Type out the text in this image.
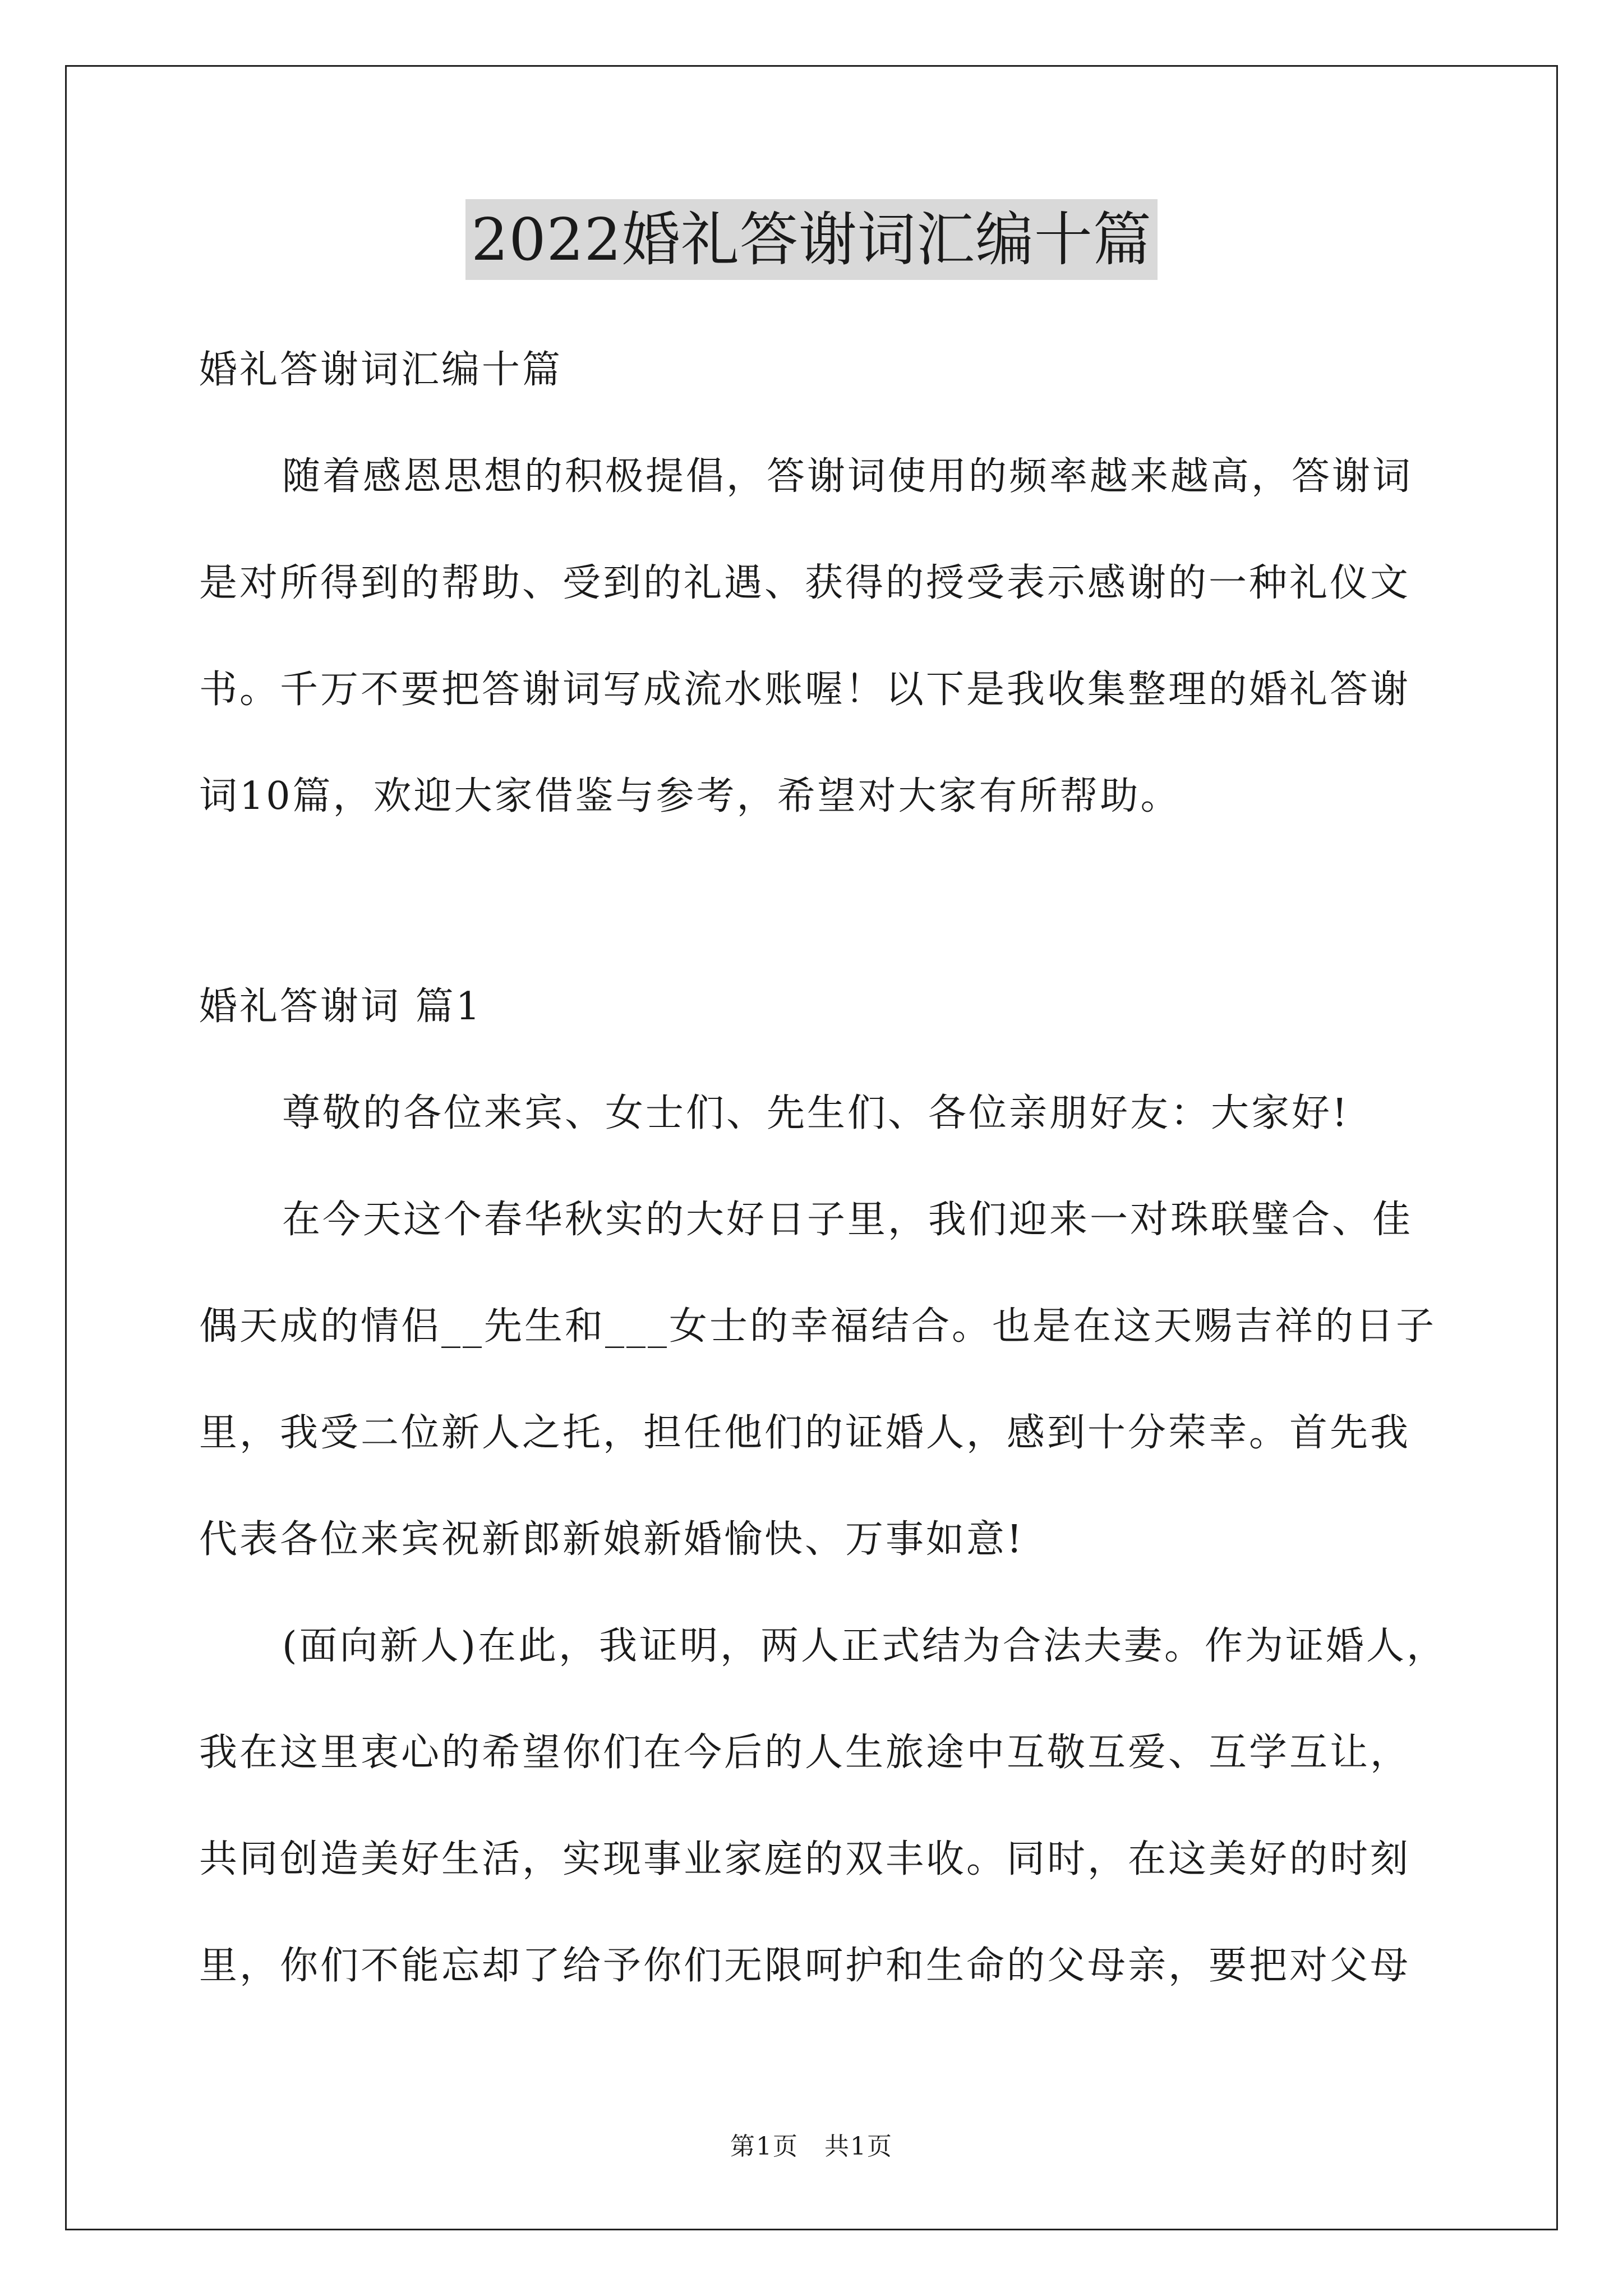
2022婚礼答谢词汇编十篇
婚礼答谢词汇编十篇
随着感恩思想的积极提倡，答谢词使用的频率越来越高，答谢词
是对所得到的帮助、受到的礼遇、获得的授受表示感谢的一种礼仪文
书。千万不要把答谢词写成流水账喔！以下是我收集整理的婚礼答谢
词10篇，欢迎大家借鉴与参考，希望对大家有所帮助。
婚礼答谢词 篇1
尊敬的各位来宾、女士们、先生们、各位亲朋好友：大家好!
在今天这个春华秋实的大好日子里，我们迎来一对珠联璧合、佳
偶天成的情侣__先生和___女士的幸福结合。也是在这天赐吉祥的日子
里，我受二位新人之托，担任他们的证婚人，感到十分荣幸。首先我
代表各位来宾祝新郎新娘新婚愉快、万事如意!
(面向新人)在此，我证明，两人正式结为合法夫妻。作为证婚人，
我在这里衷心的希望你们在今后的人生旅途中互敬互爱、互学互让，
共同创造美好生活，实现事业家庭的双丰收。同时，在这美好的时刻
里，你们不能忘却了给予你们无限呵护和生命的父母亲，要把对父母
第1页　共1页
